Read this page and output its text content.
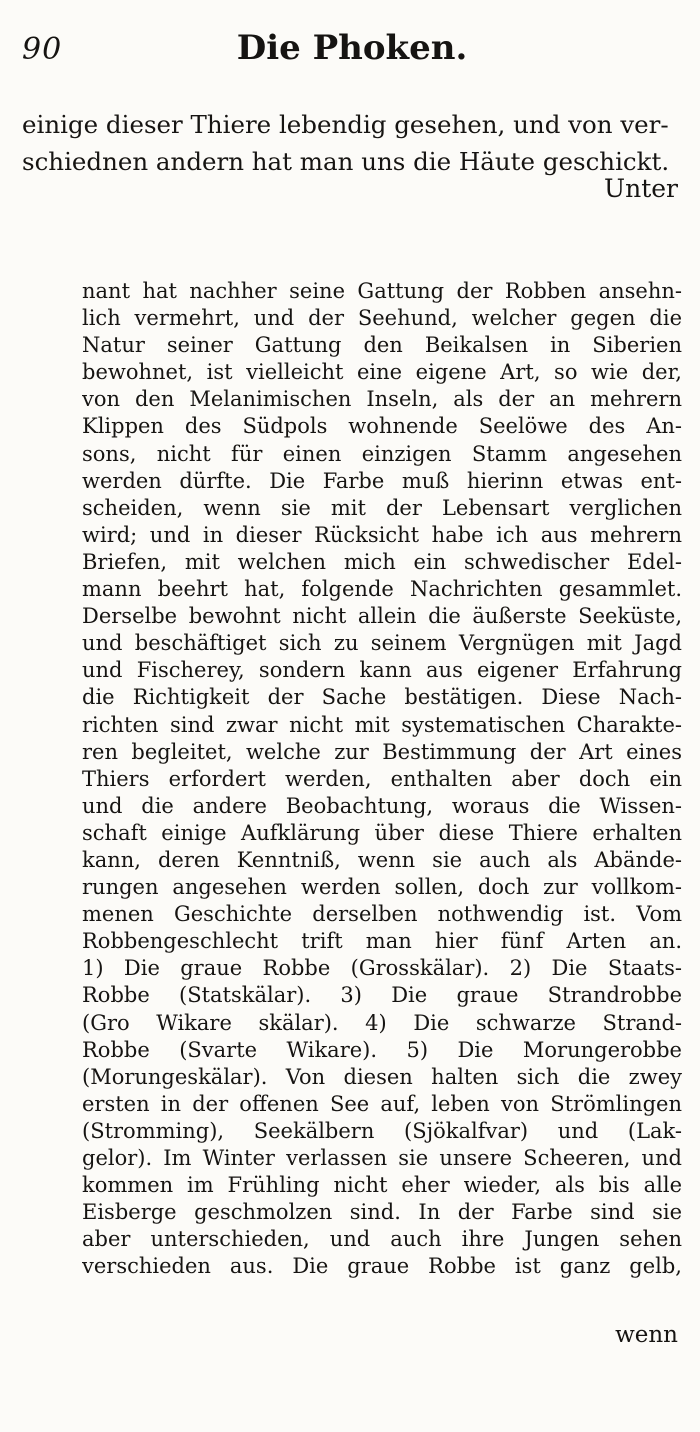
90	Die Phoken.
einige dieser Thiere lebendig gesehen, und von ver-
schiednen andern hat man uns die Häute geschickt.
Unter
nant hat nachher seine Gattung der Robben ansehn-
lich vermehrt, und der Seehund, welcher gegen die
Natur seiner Gattung den Beikalsen in Siberien
bewohnet, ist vielleicht eine eigene Art, so wie der,
von den Melanimischen Inseln, als der an mehrern
Klippen des Südpols wohnende Seelöwe des An-
sons, nicht für einen einzigen Stamm angesehen
werden dürfte. Die Farbe muß hierinn etwas ent-
scheiden, wenn sie mit der Lebensart verglichen
wird; und in dieser Rücksicht habe ich aus mehrern
Briefen, mit welchen mich ein schwedischer Edel-
mann beehrt hat, folgende Nachrichten gesammlet.
Derselbe bewohnt nicht allein die äußerste Seeküste,
und beschäftiget sich zu seinem Vergnügen mit Jagd
und Fischerey, sondern kann aus eigener Erfahrung
die Richtigkeit der Sache bestätigen. Diese Nach-
richten sind zwar nicht mit systematischen Charakte-
ren begleitet, welche zur Bestimmung der Art eines
Thiers erfordert werden, enthalten aber doch ein
und die andere Beobachtung, woraus die Wissen-
schaft einige Aufklärung über diese Thiere erhalten
kann, deren Kenntniß, wenn sie auch als Abände-
rungen angesehen werden sollen, doch zur vollkom-
menen Geschichte derselben nothwendig ist. Vom
Robbengeschlecht trift man hier fünf Arten an.
1) Die graue Robbe (Grosskälar). 2) Die Staats-
Robbe (Statskälar). 3) Die graue Strandrobbe
(Gro Wikare skälar). 4) Die schwarze Strand-
Robbe (Svarte Wikare). 5) Die Morungerobbe
(Morungeskälar). Von diesen halten sich die zwey
ersten in der offenen See auf, leben von Strömlingen
(Stromming), Seekälbern (Sjökalfvar) und (Lak-
gelor). Im Winter verlassen sie unsere Scheeren, und
kommen im Frühling nicht eher wieder, als bis alle
Eisberge geschmolzen sind. In der Farbe sind sie
aber unterschieden, und auch ihre Jungen sehen
verschieden aus. Die graue Robbe ist ganz gelb,
wenn
